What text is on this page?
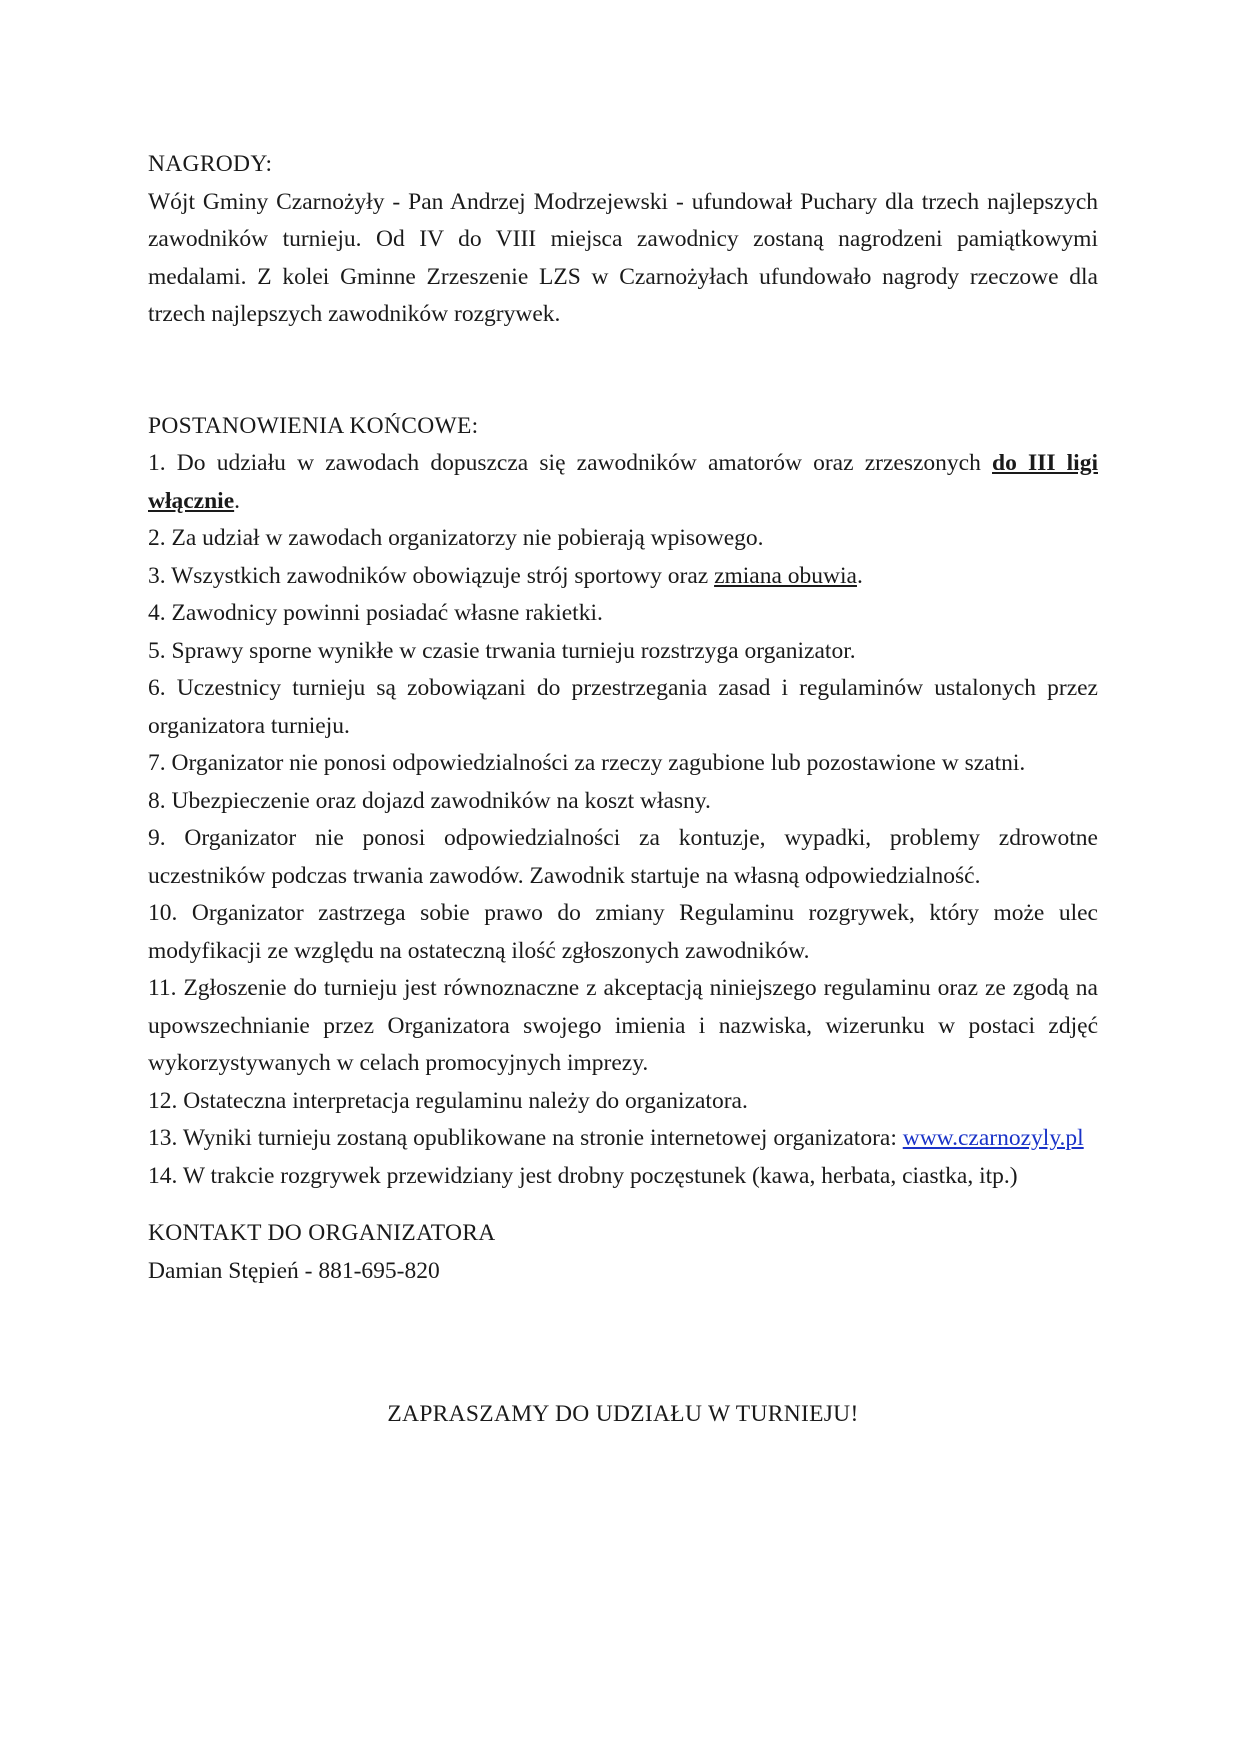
NAGRODY:

Wójt Gminy Czarnożyły - Pan Andrzej Modrzejewski - ufundował Puchary dla trzech najlepszych zawodników turnieju. Od IV do VIII miejsca zawodnicy zostaną nagrodzeni pamiątkowymi medalami. Z kolei Gminne Zrzeszenie LZS w Czarnożyłach ufundowało nagrody rzeczowe dla trzech najlepszych zawodników rozgrywek.

POSTANOWIENIA KOŃCOWE:

1. Do udziału w zawodach dopuszcza się zawodników amatorów oraz zrzeszonych do III ligi włącznie.

2. Za udział w zawodach organizatorzy nie pobierają wpisowego.

3. Wszystkich zawodników obowiązuje strój sportowy oraz zmiana obuwia.

4. Zawodnicy powinni posiadać własne rakietki.

5. Sprawy sporne wynikłe w czasie trwania turnieju rozstrzyga organizator.

6. Uczestnicy turnieju są zobowiązani do przestrzegania zasad i regulaminów ustalonych przez organizatora turnieju.

7. Organizator nie ponosi odpowiedzialności za rzeczy zagubione lub pozostawione w szatni.

8. Ubezpieczenie oraz dojazd zawodników na koszt własny.

9. Organizator nie ponosi odpowiedzialności za kontuzje, wypadki, problemy zdrowotne uczestników podczas trwania zawodów. Zawodnik startuje na własną odpowiedzialność.

10. Organizator zastrzega sobie prawo do zmiany Regulaminu rozgrywek, który może ulec modyfikacji ze względu na ostateczną ilość zgłoszonych zawodników.

11. Zgłoszenie do turnieju jest równoznaczne z akceptacją niniejszego regulaminu oraz ze zgodą na upowszechnianie przez Organizatora swojego imienia i nazwiska, wizerunku w postaci zdjęć wykorzystywanych w celach promocyjnych imprezy.

12. Ostateczna interpretacja regulaminu należy do organizatora.

13. Wyniki turnieju zostaną opublikowane na stronie internetowej organizatora: www.czarnozyly.pl

14. W trakcie rozgrywek przewidziany jest drobny poczęstunek (kawa, herbata, ciastka, itp.)

KONTAKT DO ORGANIZATORA

Damian Stępień - 881-695-820

ZAPRASZAMY DO UDZIAŁU W TURNIEJU!
